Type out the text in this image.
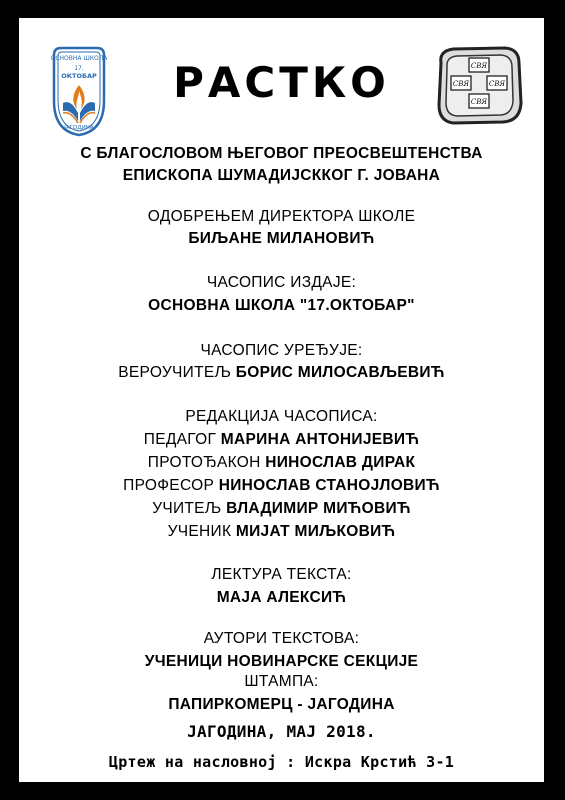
ОСНОВНА ШКОЛА
17.
ОКТОБАР
ЈАГОДИНА
СВЯ
СВЯ	СВЯ
СВЯ
РАСТКО
С БЛАГОСЛОВОМ ЊЕГОВОГ ПРЕОСВЕШТЕНСТВА
ЕПИСКОПА ШУМАДИЈСККОГ Г. ЈОВАНА
ОДОБРЕЊЕМ ДИРЕКТОРА ШКОЛЕ
БИЉАНЕ МИЛАНОВИЋ
ЧАСОПИС ИЗДАЈЕ:
ОСНОВНА ШКОЛА "17.ОКТОБАР"
ЧАСОПИС УРЕЂУЈЕ:
ВЕРОУЧИТЕЉ БОРИС МИЛОСАВЉЕВИЋ
РЕДАКЦИЈА ЧАСОПИСА:
ПЕДАГОГ МАРИНА АНТОНИЈЕВИЋ
ПРОТОЂАКОН НИНОСЛАВ ДИРАК
ПРОФЕСОР НИНОСЛАВ СТАНОЈЛОВИЋ
УЧИТЕЉ ВЛАДИМИР МИЋОВИЋ
УЧЕНИК МИЈАТ МИЉКОВИЋ
ЛЕКТУРА ТЕКСТА:
МАЈА АЛЕКСИЋ
АУТОРИ ТЕКСТОВА:
УЧЕНИЦИ НОВИНАРСКЕ СЕКЦИЈЕ
ШТАМПА:
ПАПИРКОМЕРЦ - ЈАГОДИНА
ЈАГОДИНА, МАЈ 2018.
Цртеж на насловној : Искра Крстић 3-1
